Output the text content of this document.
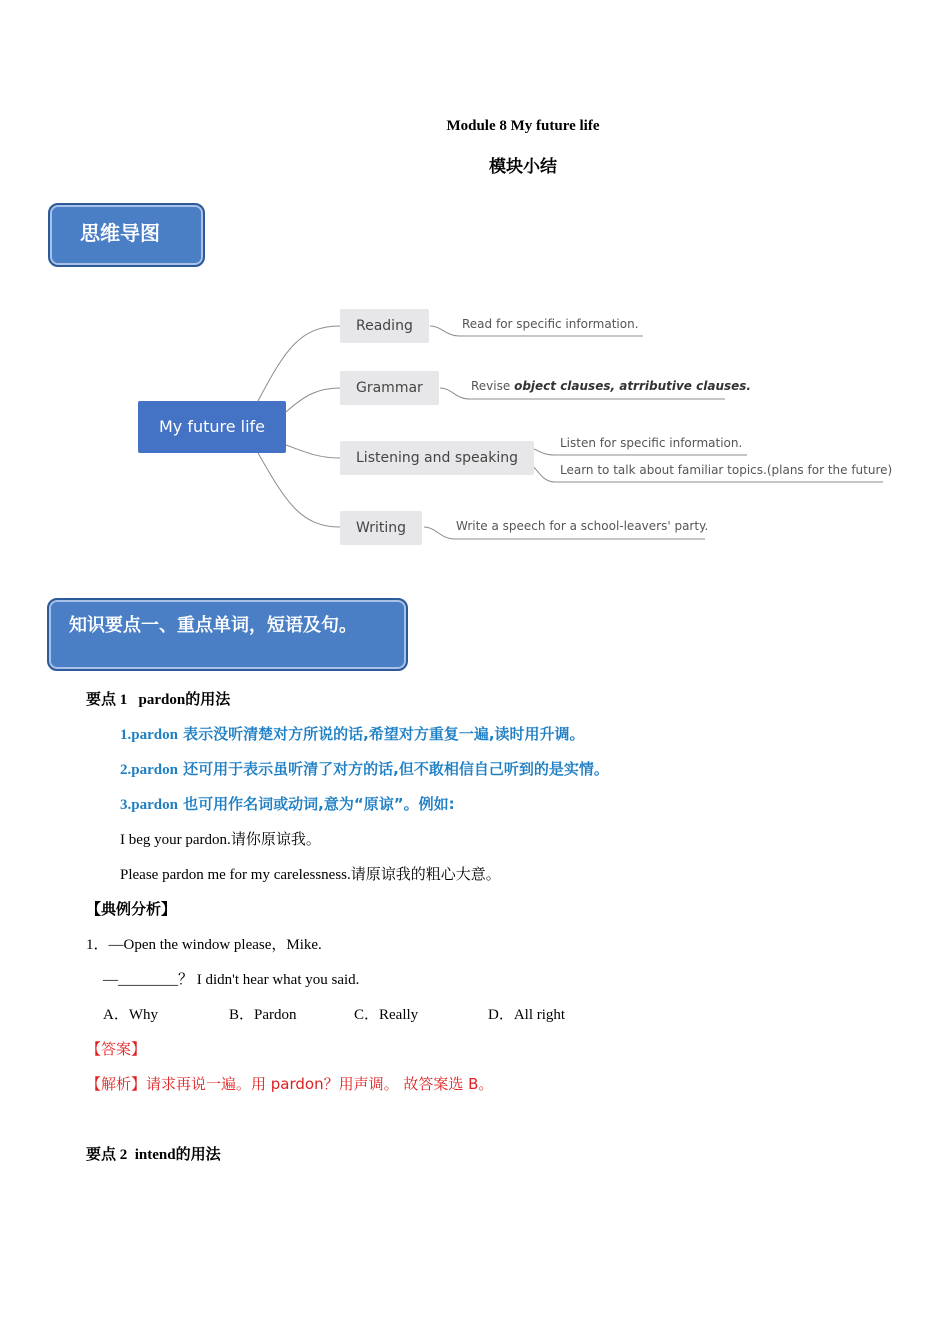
Module 8 My future life
模块小结
思维导图
My future life
Reading
Grammar
Listening and speaking
Writing
Read for specific information.
Revise object clauses, atrributive clauses.
Listen for specific information.
Learn to talk about familiar topics.(plans for the future)
Write a speech for a school-leavers' party.
知识要点一、重点单词，短语及句。
要点 1 pardon的用法
1.pardon 表示没听清楚对方所说的话,希望对方重复一遍,读时用升调。
2.pardon 还可用于表示虽听清了对方的话,但不敢相信自己听到的是实情。
3.pardon 也可用作名词或动词,意为“原谅”。例如:
I beg your pardon.请你原谅我。
Please pardon me for my carelessness.请原谅我的粗心大意。
【典例分析】
1．—Open the window please，Mike.
—________？ I didn't hear what you said.
A．Why	B．Pardon	C．Really	D．All right
【答案】
【解析】请求再说一遍。用 pardon？用声调。 故答案选 B。
要点 2 intend的用法
